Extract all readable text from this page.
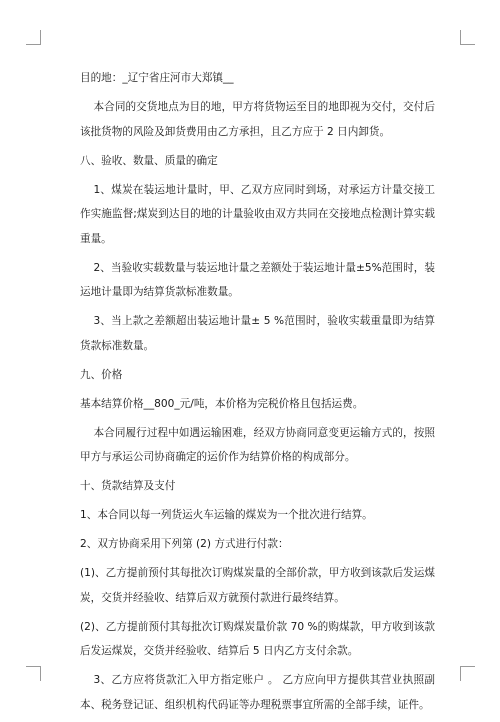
目的地：_辽宁省庄河市大郑镇__

本合同的交货地点为目的地，甲方将货物运至目的地即视为交付，交付后该批货物的风险及卸货费用由乙方承担，且乙方应于 2 日内卸货。

八、验收、数量、质量的确定

1、煤炭在装运地计量时，甲、乙双方应同时到场，对承运方计量交接工作实施监督;煤炭到达目的地的计量验收由双方共同在交接地点检测计算实载重量。

2、当验收实载数量与装运地计量之差额处于装运地计量±5%范围时，装运地计量即为结算货款标准数量。

3、当上款之差额超出装运地计量± 5 %范围时，验收实载重量即为结算货款标准数量。

九、价格

基本结算价格__800_元/吨，本价格为完税价格且包括运费。

本合同履行过程中如遇运输困难，经双方协商同意变更运输方式的，按照甲方与承运公司协商确定的运价作为结算价格的构成部分。

十、货款结算及支付

1、本合同以每一列货运火车运输的煤炭为一个批次进行结算。

2、双方协商采用下列第 (2) 方式进行付款：

(1)、乙方提前预付其每批次订购煤炭量的全部价款，甲方收到该款后发运煤炭，交货并经验收、结算后双方就预付款进行最终结算。

(2)、乙方提前预付其每批次订购煤炭量价款 70 %的购煤款，甲方收到该款后发运煤炭，交货并经验收、结算后 5 日内乙方支付余款。

3、乙方应将货款汇入甲方指定账户 。 乙方应向甲方提供其营业执照副本、税务登记证、组织机构代码证等办理税票事宜所需的全部手续，证件。
